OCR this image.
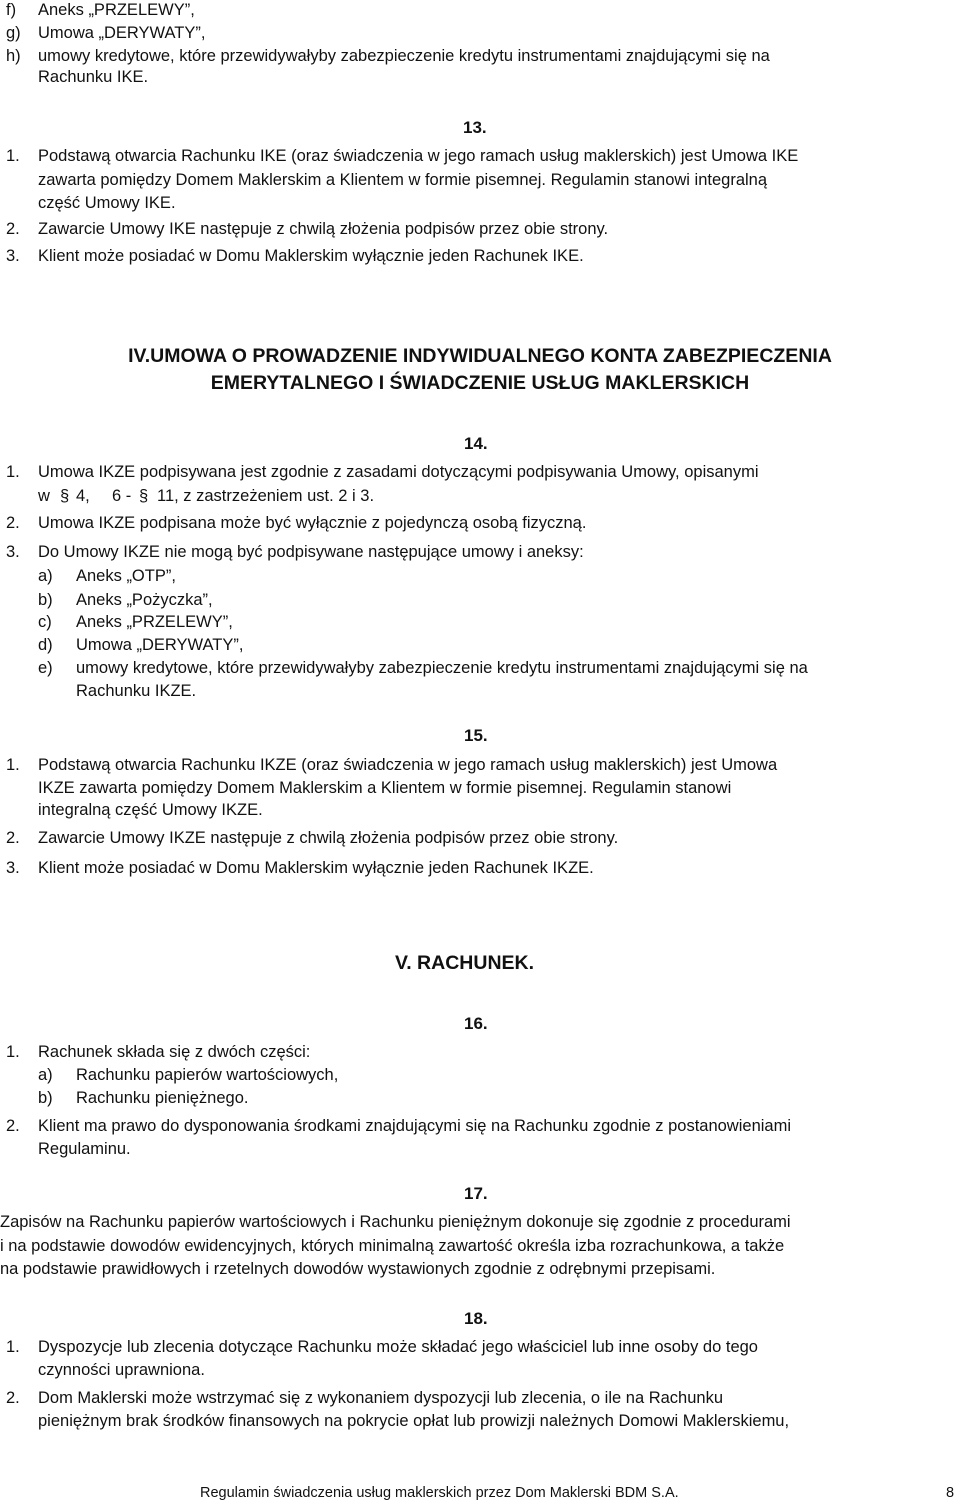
f) Aneks „PRZELEWY”,
g) Umowa „DERYWATY”,
h) umowy kredytowe, które przewidywałyby zabezpieczenie kredytu instrumentami znajdującymi się na
Rachunku IKE.
13.
1. Podstawą otwarcia Rachunku IKE (oraz świadczenia w jego ramach usług maklerskich) jest Umowa IKE
zawarta pomiędzy Domem Maklerskim a Klientem w formie pisemnej. Regulamin stanowi integralną
część Umowy IKE.
2. Zawarcie Umowy IKE następuje z chwilą złożenia podpisów przez obie strony.
3. Klient może posiadać w Domu Maklerskim wyłącznie jeden Rachunek IKE.
IV.UMOWA O PROWADZENIE INDYWIDUALNEGO KONTA ZABEZPIECZENIA
EMERYTALNEGO I ŚWIADCZENIE USŁUG MAKLERSKICH
14.
1. Umowa IKZE podpisywana jest zgodnie z zasadami dotyczącymi podpisywania Umowy, opisanymi
w § 4, 6 - § 11, z zastrzeżeniem ust. 2 i 3.
2. Umowa IKZE podpisana może być wyłącznie z pojedynczą osobą fizyczną.
3. Do Umowy IKZE nie mogą być podpisywane następujące umowy i aneksy:
a) Aneks „OTP”,
b) Aneks „Pożyczka”,
c) Aneks „PRZELEWY”,
d) Umowa „DERYWATY”,
e) umowy kredytowe, które przewidywałyby zabezpieczenie kredytu instrumentami znajdującymi się na
Rachunku IKZE.
15.
1. Podstawą otwarcia Rachunku IKZE (oraz świadczenia w jego ramach usług maklerskich) jest Umowa
IKZE zawarta pomiędzy Domem Maklerskim a Klientem w formie pisemnej. Regulamin stanowi
integralną część Umowy IKZE.
2. Zawarcie Umowy IKZE następuje z chwilą złożenia podpisów przez obie strony.
3. Klient może posiadać w Domu Maklerskim wyłącznie jeden Rachunek IKZE.
V. RACHUNEK.
16.
1. Rachunek składa się z dwóch części:
a) Rachunku papierów wartościowych,
b) Rachunku pieniężnego.
2. Klient ma prawo do dysponowania środkami znajdującymi się na Rachunku zgodnie z postanowieniami
Regulaminu.
17.
Zapisów na Rachunku papierów wartościowych i Rachunku pieniężnym dokonuje się zgodnie z procedurami
i na podstawie dowodów ewidencyjnych, których minimalną zawartość określa izba rozrachunkowa, a także
na podstawie prawidłowych i rzetelnych dowodów wystawionych zgodnie z odrębnymi przepisami.
18.
1. Dyspozycje lub zlecenia dotyczące Rachunku może składać jego właściciel lub inne osoby do tego
czynności uprawniona.
2. Dom Maklerski może wstrzymać się z wykonaniem dyspozycji lub zlecenia, o ile na Rachunku
pieniężnym brak środków finansowych na pokrycie opłat lub prowizji należnych Domowi Maklerskiemu,
Regulamin świadczenia usług maklerskich przez Dom Maklerski BDM S.A.	8
